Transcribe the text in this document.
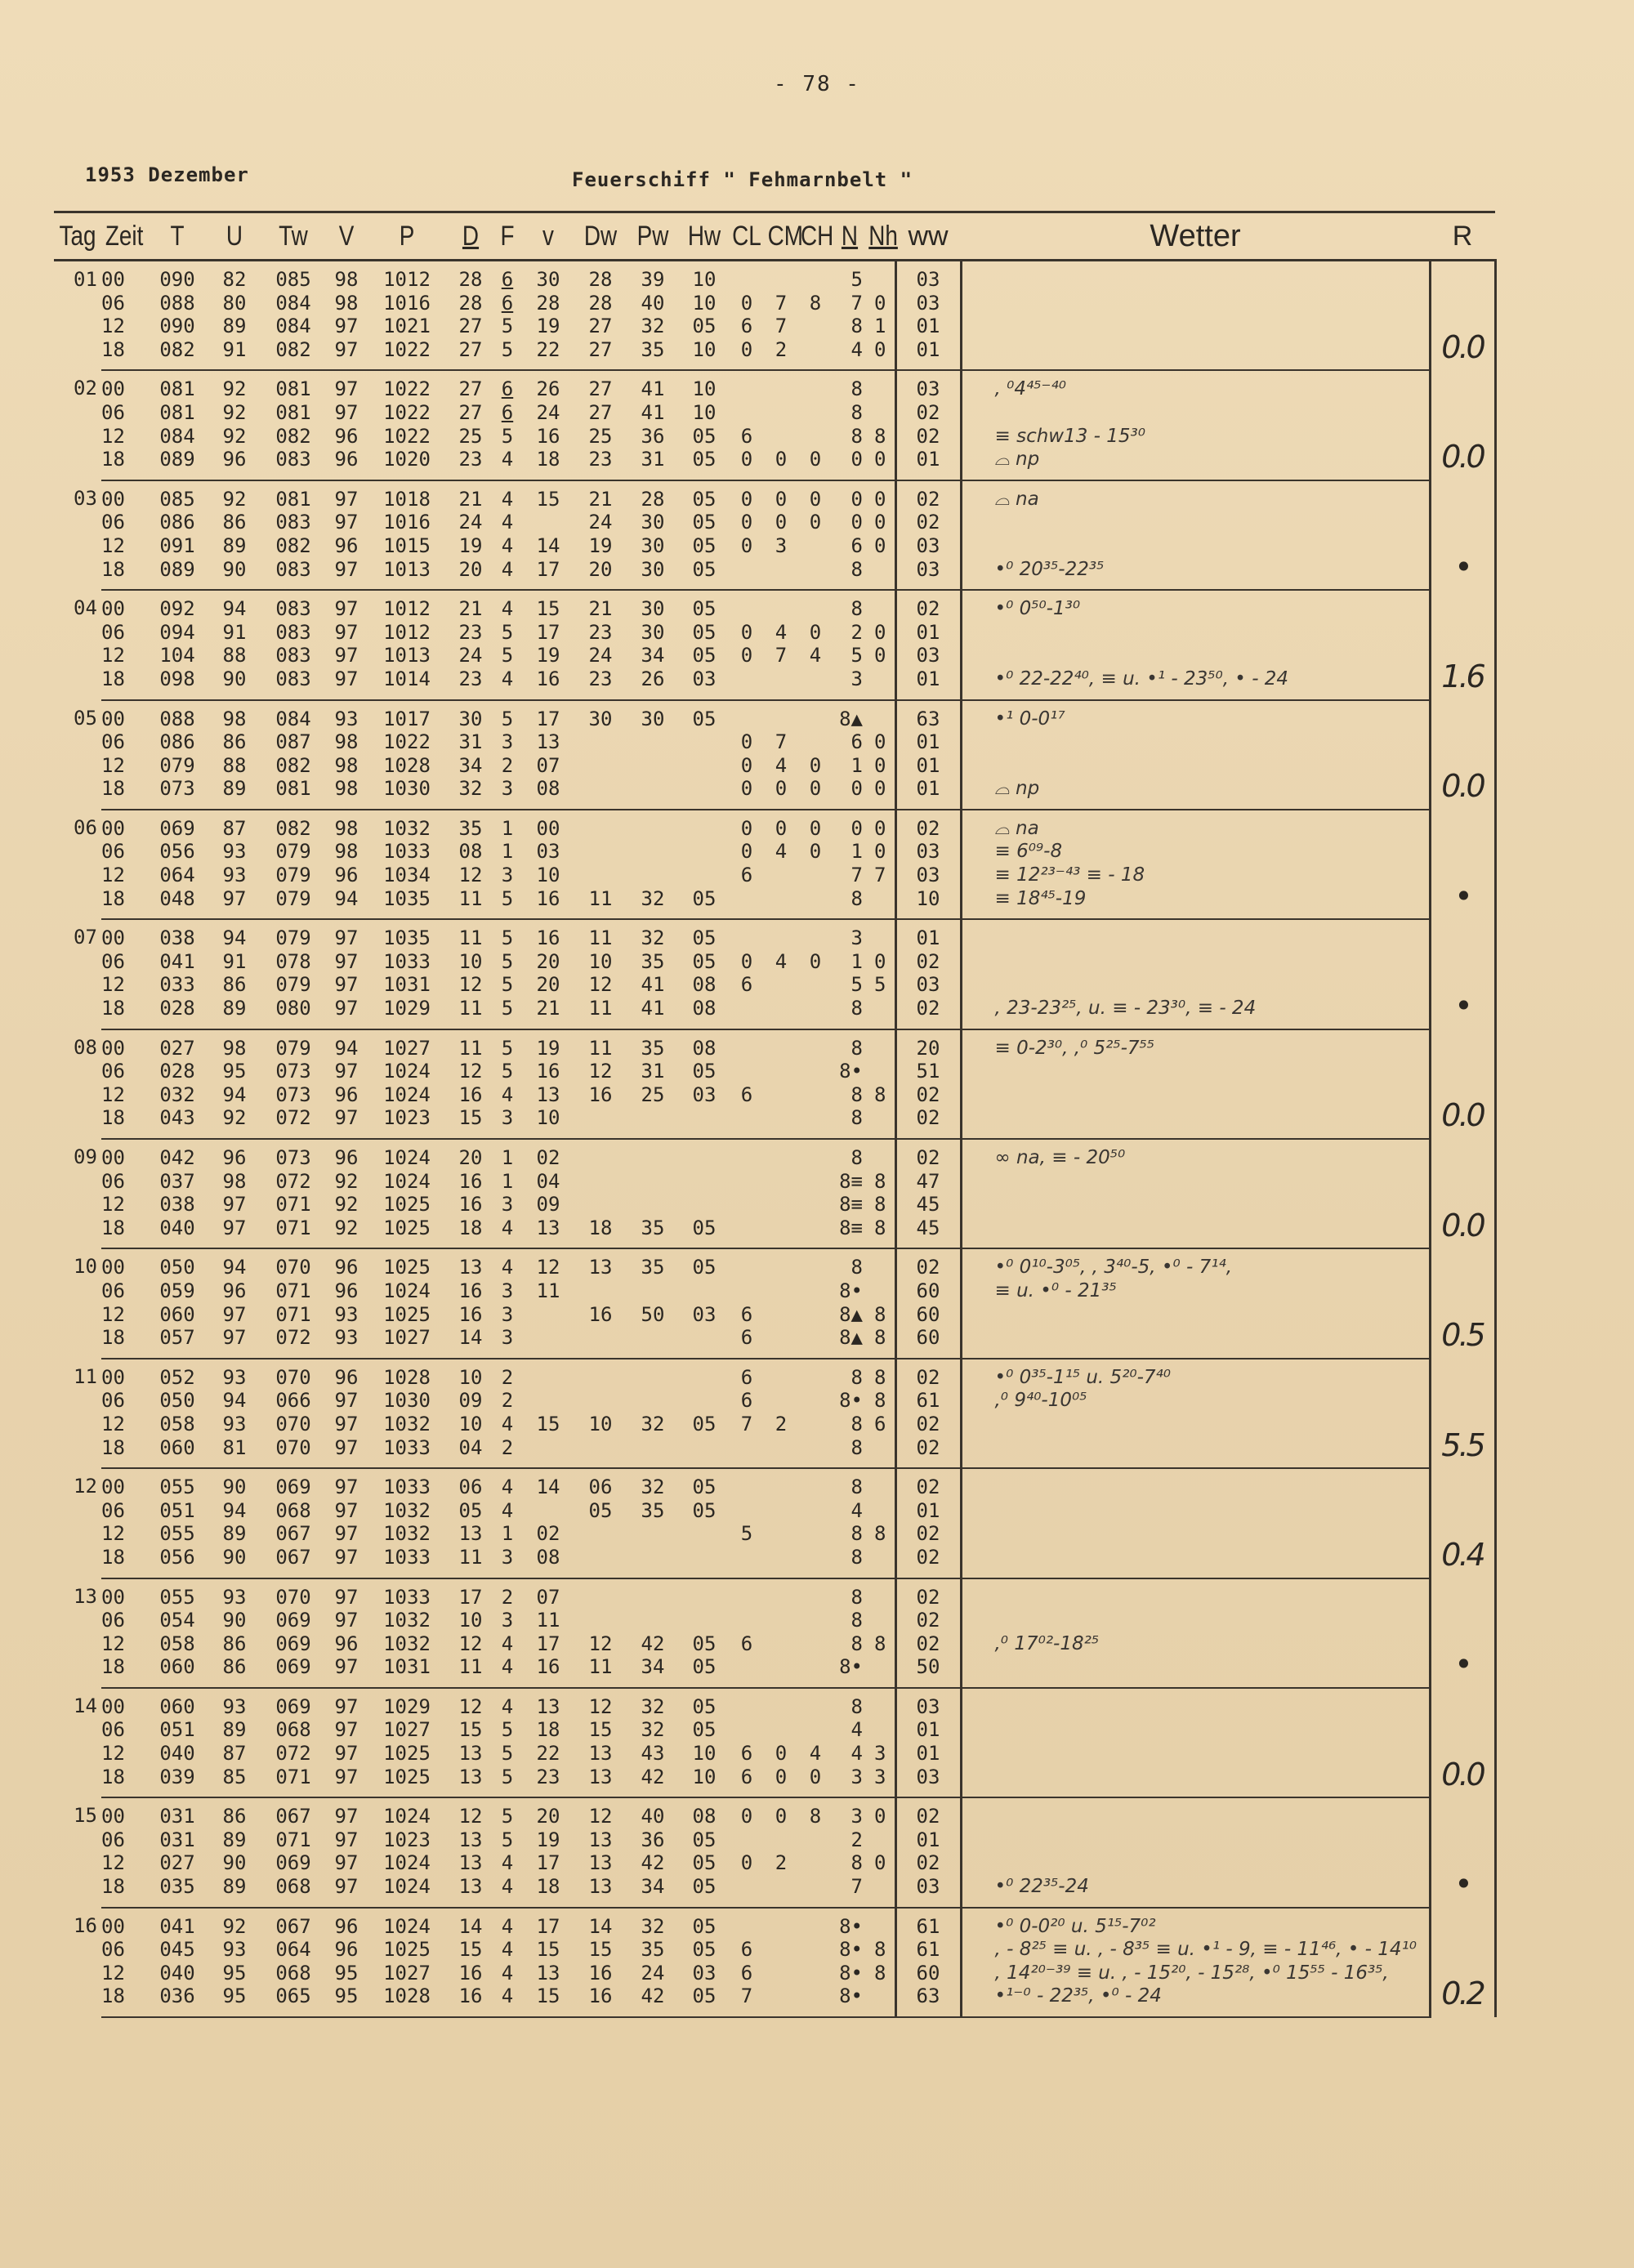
- 78 -
1953 Dezember	Feuerschiff " Fehmarnbelt "
Tag	Zeit	T	U	Tw	V	P	D	F	v	Dw	Pw	Hw	CL	CM	CH	N	Nh	ww	Wetter	R
01	00	090	82	085	98	1012	28	6	30	28	39	10				5		03		0.0
	06	088	80	084	98	1016	28	6	28	28	40	10	0	7	8	7	0	03		
	12	090	89	084	97	1021	27	5	19	27	32	05	6	7		8	1	01		
	18	082	91	082	97	1022	27	5	22	27	35	10	0	2		4	0	01		
02	00	081	92	081	97	1022	27	6	26	27	41	10				8		03	, ⁰4⁴⁵⁻⁴⁰	0.0
	06	081	92	081	97	1022	27	6	24	27	41	10				8		02		
	12	084	92	082	96	1022	25	5	16	25	36	05	6			8	8	02	≡ schw13 - 15³⁰	
	18	089	96	083	96	1020	23	4	18	23	31	05	0	0	0	0	0	01	⌓ np	
03	00	085	92	081	97	1018	21	4	15	21	28	05	0	0	0	0	0	02	⌓ na	•
	06	086	86	083	97	1016	24	4		24	30	05	0	0	0	0	0	02		
	12	091	89	082	96	1015	19	4	14	19	30	05	0	3		6	0	03		
	18	089	90	083	97	1013	20	4	17	20	30	05				8		03	•⁰ 20³⁵-22³⁵	
04	00	092	94	083	97	1012	21	4	15	21	30	05				8		02	•⁰ 0⁵⁰-1³⁰	1.6
	06	094	91	083	97	1012	23	5	17	23	30	05	0	4	0	2	0	01		
	12	104	88	083	97	1013	24	5	19	24	34	05	0	7	4	5	0	03		
	18	098	90	083	97	1014	23	4	16	23	26	03				3		01	•⁰ 22-22⁴⁰, ≡ u. •¹ - 23⁵⁰, • - 24	
05	00	088	98	084	93	1017	30	5	17	30	30	05				8▲		63	•¹ 0-0¹⁷	0.0
	06	086	86	087	98	1022	31	3	13				0	7		6	0	01		
	12	079	88	082	98	1028	34	2	07				0	4	0	1	0	01		
	18	073	89	081	98	1030	32	3	08				0	0	0	0	0	01	⌓ np	
06	00	069	87	082	98	1032	35	1	00				0	0	0	0	0	02	⌓ na	•
	06	056	93	079	98	1033	08	1	03				0	4	0	1	0	03	≡ 6⁰⁹-8	
	12	064	93	079	96	1034	12	3	10				6			7	7	03	≡ 12²³⁻⁴³ ≡ - 18	
	18	048	97	079	94	1035	11	5	16	11	32	05				8		10	≡ 18⁴⁵-19	
07	00	038	94	079	97	1035	11	5	16	11	32	05				3		01		•
	06	041	91	078	97	1033	10	5	20	10	35	05	0	4	0	1	0	02		
	12	033	86	079	97	1031	12	5	20	12	41	08	6			5	5	03		
	18	028	89	080	97	1029	11	5	21	11	41	08				8		02	, 23-23²⁵, u. ≡ - 23³⁰, ≡ - 24	
08	00	027	98	079	94	1027	11	5	19	11	35	08				8		20	≡ 0-2³⁰, ,⁰ 5²⁵-7⁵⁵	0.0
	06	028	95	073	97	1024	12	5	16	12	31	05				8•		51		
	12	032	94	073	96	1024	16	4	13	16	25	03	6			8	8	02		
	18	043	92	072	97	1023	15	3	10							8		02		
09	00	042	96	073	96	1024	20	1	02							8		02	∞ na, ≡ - 20⁵⁰	0.0
	06	037	98	072	92	1024	16	1	04							8≡	8	47		
	12	038	97	071	92	1025	16	3	09							8≡	8	45		
	18	040	97	071	92	1025	18	4	13	18	35	05				8≡	8	45		
10	00	050	94	070	96	1025	13	4	12	13	35	05				8		02	•⁰ 0¹⁰-3⁰⁵, , 3⁴⁰-5, •⁰ - 7¹⁴,	0.5
	06	059	96	071	96	1024	16	3	11							8•		60	≡ u. •⁰ - 21³⁵	
	12	060	97	071	93	1025	16	3		16	50	03	6			8▲	8	60		
	18	057	97	072	93	1027	14	3					6			8▲	8	60		
11	00	052	93	070	96	1028	10	2					6			8	8	02	•⁰ 0³⁵-1¹⁵ u. 5²⁰-7⁴⁰	5.5
	06	050	94	066	97	1030	09	2					6			8•	8	61	,⁰ 9⁴⁰-10⁰⁵	
	12	058	93	070	97	1032	10	4	15	10	32	05	7	2		8	6	02		
	18	060	81	070	97	1033	04	2								8		02		
12	00	055	90	069	97	1033	06	4	14	06	32	05				8		02		0.4
	06	051	94	068	97	1032	05	4		05	35	05				4		01		
	12	055	89	067	97	1032	13	1	02				5			8	8	02		
	18	056	90	067	97	1033	11	3	08							8		02		
13	00	055	93	070	97	1033	17	2	07							8		02		•
	06	054	90	069	97	1032	10	3	11							8		02		
	12	058	86	069	96	1032	12	4	17	12	42	05	6			8	8	02	,⁰ 17⁰²-18²⁵	
	18	060	86	069	97	1031	11	4	16	11	34	05				8•		50		
14	00	060	93	069	97	1029	12	4	13	12	32	05				8		03		0.0
	06	051	89	068	97	1027	15	5	18	15	32	05				4		01		
	12	040	87	072	97	1025	13	5	22	13	43	10	6	0	4	4	3	01		
	18	039	85	071	97	1025	13	5	23	13	42	10	6	0	0	3	3	03		
15	00	031	86	067	97	1024	12	5	20	12	40	08	0	0	8	3	0	02		•
	06	031	89	071	97	1023	13	5	19	13	36	05				2		01		
	12	027	90	069	97	1024	13	4	17	13	42	05	0	2		8	0	02		
	18	035	89	068	97	1024	13	4	18	13	34	05				7		03	•⁰ 22³⁵-24	
16	00	041	92	067	96	1024	14	4	17	14	32	05				8•		61	•⁰ 0-0²⁰ u. 5¹⁵-7⁰²	0.2
	06	045	93	064	96	1025	15	4	15	15	35	05	6			8•	8	61	, - 8²⁵ ≡ u. , - 8³⁵ ≡ u. •¹ - 9, ≡ - 11⁴⁶, • - 14¹⁰	
	12	040	95	068	95	1027	16	4	13	16	24	03	6			8•	8	60	, 14²⁰⁻³⁹ ≡ u. , - 15²⁰, - 15²⁸, •⁰ 15⁵⁵ - 16³⁵,	
	18	036	95	065	95	1028	16	4	15	16	42	05	7			8•		63	•¹⁻⁰ - 22³⁵, •⁰ - 24	
